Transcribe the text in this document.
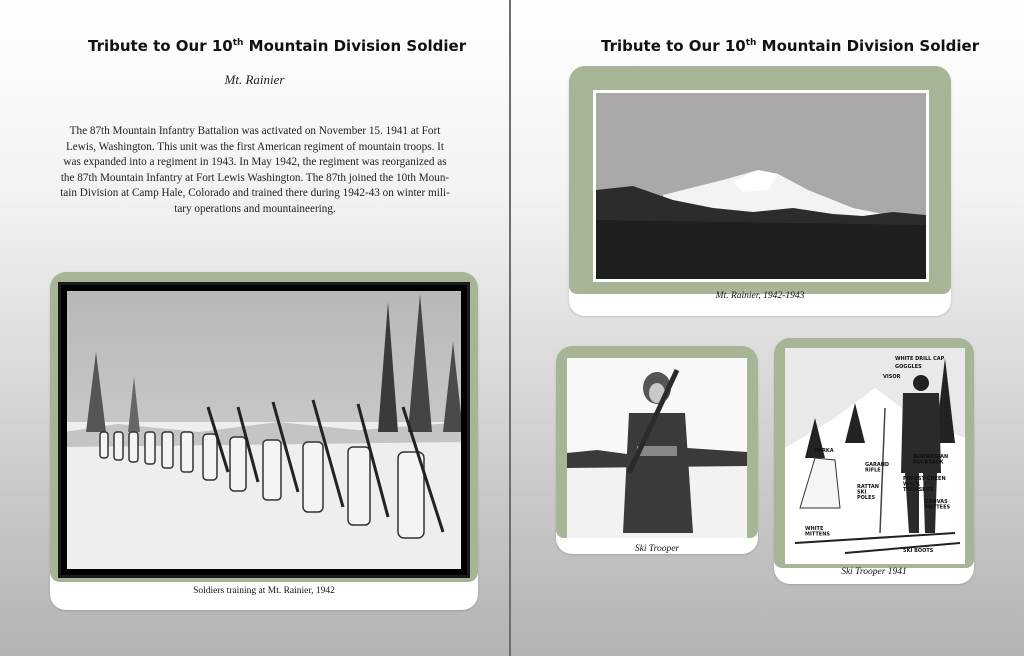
Tribute to Our 10th Mountain Division Soldier
Mt. Rainier

The 87th Mountain Infantry Battalion was activated on November 15. 1941 at Fort
Lewis, Washington. This unit was the first American regiment of mountain troops. It
was expanded into a regiment in 1943. In May 1942, the regiment was reorganized as
the 87th Mountain Infantry at Fort Lewis Washington. The 87th joined the 10th Moun-
tain Division at Camp Hale, Colorado and trained there during 1942-43 on winter mili-
tary operations and mountaineering.

Soldiers training at Mt. Rainier, 1942
Tribute to Our 10th Mountain Division Soldier
Mt. Rainier, 1942-1943
Ski Trooper
WHITE DRILL CAP
GOGGLES
VISOR
PARKA
GARAND RIFLE
NORWEGIAN RUCKSACK
FOREST GREEN WOOL TROUSERS
RATTAN SKI POLES
CANVAS PUTTEES
WHITE MITTENS
SKI BOOTS
Ski Trooper 1941
